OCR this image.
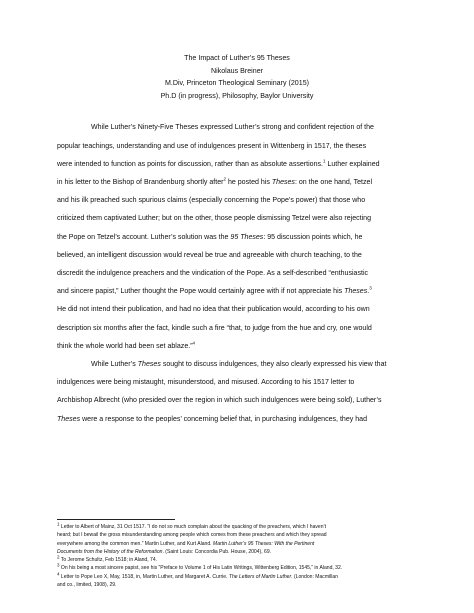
The Impact of Luther’s 95 Theses
Nikolaus Breiner
M.Div, Princeton Theological Seminary (2015)
Ph.D (in progress), Philosophy, Baylor University
While Luther’s Ninety-Five Theses expressed Luther’s strong and confident rejection of the
popular teachings, understanding and use of indulgences present in Wittenberg in 1517, the theses
were intended to function as points for discussion, rather than as absolute assertions.$^1$ Luther explained
in his letter to the Bishop of Brandenburg shortly after$^2$ he posted his Theses: on the one hand, Tetzel
and his ilk preached such spurious claims (especially concerning the Pope’s power) that those who
criticized them captivated Luther; but on the other, those people dismissing Tetzel were also rejecting
the Pope on Tetzel’s account. Luther’s solution was the 95 Theses: 95 discussion points which, he
believed, an intelligent discussion would reveal be true and agreeable with church teaching, to the
discredit the indulgence preachers and the vindication of the Pope. As a self-described “enthusiastic
and sincere papist,” Luther thought the Pope would certainly agree with if not appreciate his Theses.$^3$
He did not intend their publication, and had no idea that their publication would, according to his own
description six months after the fact, kindle such a fire “that, to judge from the hue and cry, one would
think the whole world had been set ablaze.”$^4$
While Luther’s Theses sought to discuss indulgences, they also clearly expressed his view that
indulgences were being mistaught, misunderstood, and misused. According to his 1517 letter to
Archbishop Albrecht (who presided over the region in which such indulgences were being sold), Luther’s
Theses were a response to the peoples’ concerning belief that, in purchasing indulgences, they had
$^1$ Letter to Albert of Mainz, 31 Oct 1517. “I do not so much complain about the quacking of the preachers, which I haven’t
heard; but I bewail the gross misunderstanding among people which comes from these preachers and which they spread
everywhere among the common men.” Martin Luther, and Kurt Aland. Martin Luther’s 95 Theses: With the Pertinent
Documents from the History of the Reformation. (Saint Louis: Concordia Pub. House, 2004), 69.
$^2$ To Jerome Schultz, Feb 1518; in Aland, 74.
$^3$ On his being a most sincere papist, see his “Preface to Volume 1 of His Latin Writings, Wittenberg Edition, 1545,” in Aland, 32.
$^4$ Letter to Pope Leo X, May, 1518, in, Martin Luther, and Margaret A. Currie. The Letters of Martin Luther. (London: Macmillan
and co., limited, 1908), 29.
